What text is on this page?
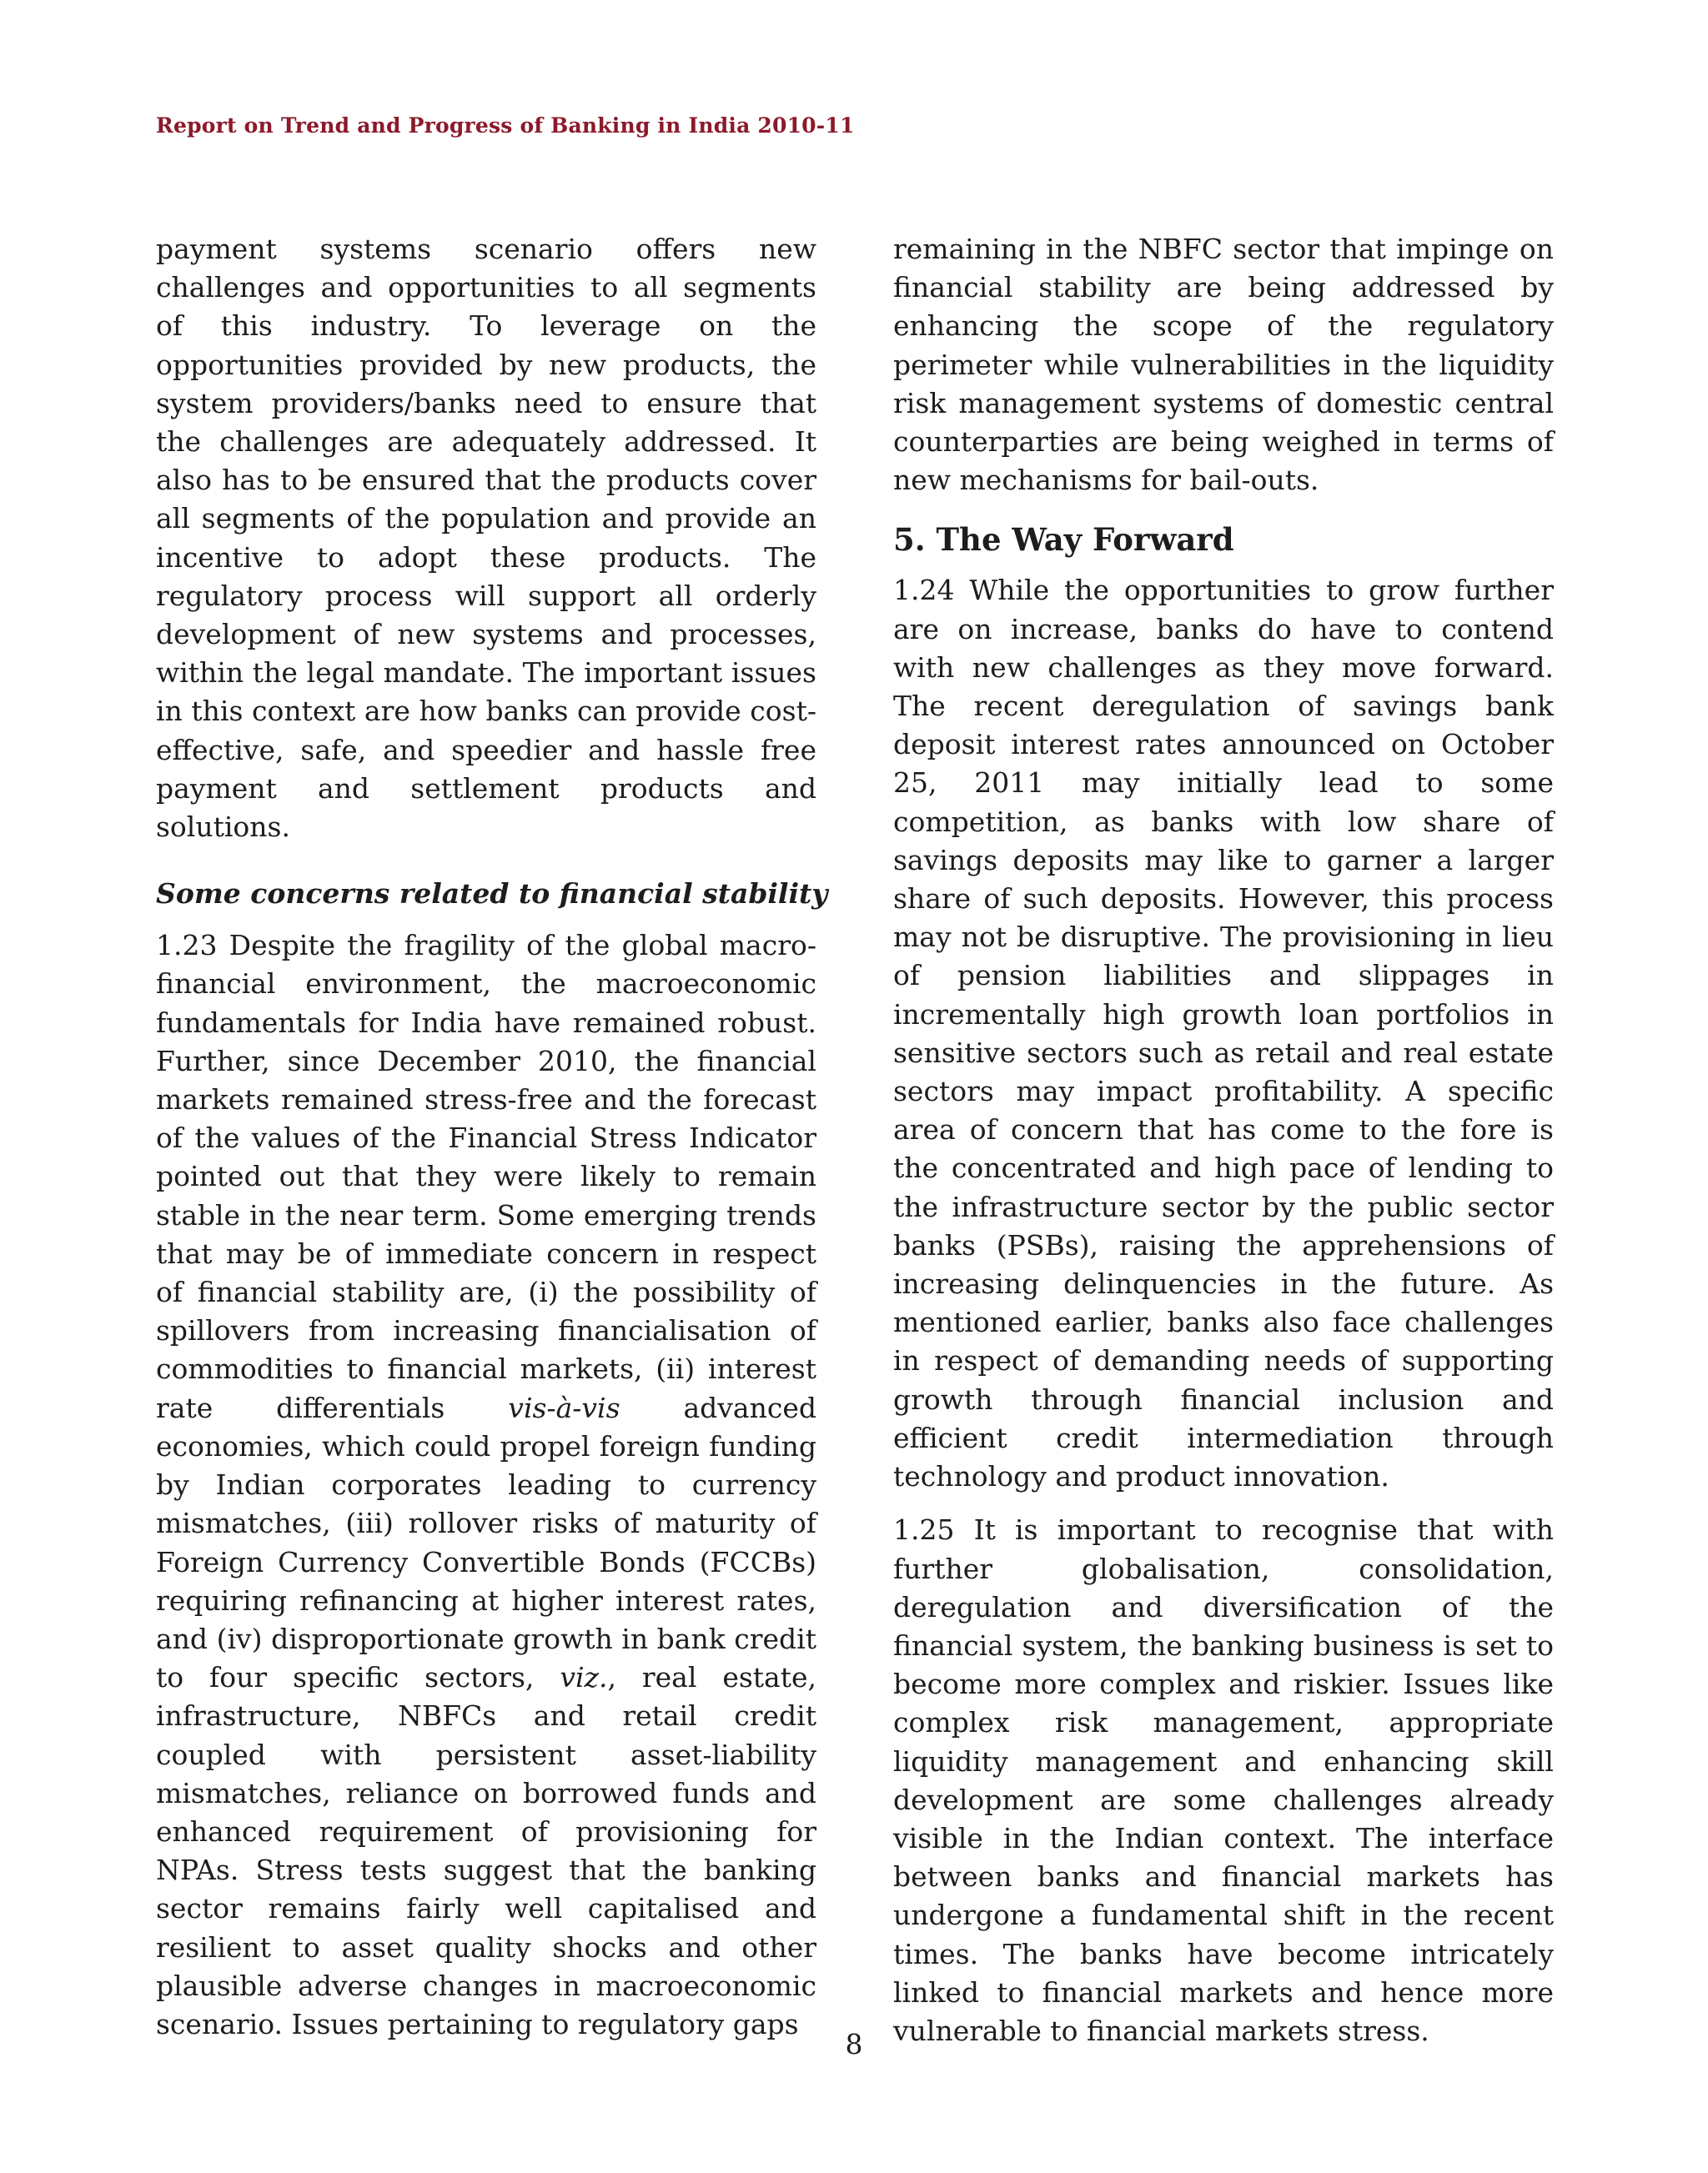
Report on Trend and Progress of Banking in India 2010-11

payment systems scenario offers new challenges and opportunities to all segments of this industry. To leverage on the opportunities provided by new products, the system providers/banks need to ensure that the challenges are adequately addressed. It also has to be ensured that the products cover all segments of the population and provide an incentive to adopt these products. The regulatory process will support all orderly development of new systems and processes, within the legal mandate. The important issues in this context are how banks can provide cost-effective, safe, and speedier and hassle free payment and settlement products and solutions.

Some concerns related to financial stability

1.23 Despite the fragility of the global macro-financial environment, the macroeconomic fundamentals for India have remained robust. Further, since December 2010, the financial markets remained stress-free and the forecast of the values of the Financial Stress Indicator pointed out that they were likely to remain stable in the near term. Some emerging trends that may be of immediate concern in respect of financial stability are, (i) the possibility of spillovers from increasing financialisation of commodities to financial markets, (ii) interest rate differentials vis-à-vis advanced economies, which could propel foreign funding by Indian corporates leading to currency mismatches, (iii) rollover risks of maturity of Foreign Currency Convertible Bonds (FCCBs) requiring refinancing at higher interest rates, and (iv) disproportionate growth in bank credit to four specific sectors, viz., real estate, infrastructure, NBFCs and retail credit coupled with persistent asset-liability mismatches, reliance on borrowed funds and enhanced requirement of provisioning for NPAs. Stress tests suggest that the banking sector remains fairly well capitalised and resilient to asset quality shocks and other plausible adverse changes in macroeconomic scenario. Issues pertaining to regulatory gaps

remaining in the NBFC sector that impinge on financial stability are being addressed by enhancing the scope of the regulatory perimeter while vulnerabilities in the liquidity risk management systems of domestic central counterparties are being weighed in terms of new mechanisms for bail-outs.

5. The Way Forward

1.24 While the opportunities to grow further are on increase, banks do have to contend with new challenges as they move forward. The recent deregulation of savings bank deposit interest rates announced on October 25, 2011 may initially lead to some competition, as banks with low share of savings deposits may like to garner a larger share of such deposits. However, this process may not be disruptive. The provisioning in lieu of pension liabilities and slippages in incrementally high growth loan portfolios in sensitive sectors such as retail and real estate sectors may impact profitability. A specific area of concern that has come to the fore is the concentrated and high pace of lending to the infrastructure sector by the public sector banks (PSBs), raising the apprehensions of increasing delinquencies in the future. As mentioned earlier, banks also face challenges in respect of demanding needs of supporting growth through financial inclusion and efficient credit intermediation through technology and product innovation.

1.25 It is important to recognise that with further globalisation, consolidation, deregulation and diversification of the financial system, the banking business is set to become more complex and riskier. Issues like complex risk management, appropriate liquidity management and enhancing skill development are some challenges already visible in the Indian context. The interface between banks and financial markets has undergone a fundamental shift in the recent times. The banks have become intricately linked to financial markets and hence more vulnerable to financial markets stress.

8
